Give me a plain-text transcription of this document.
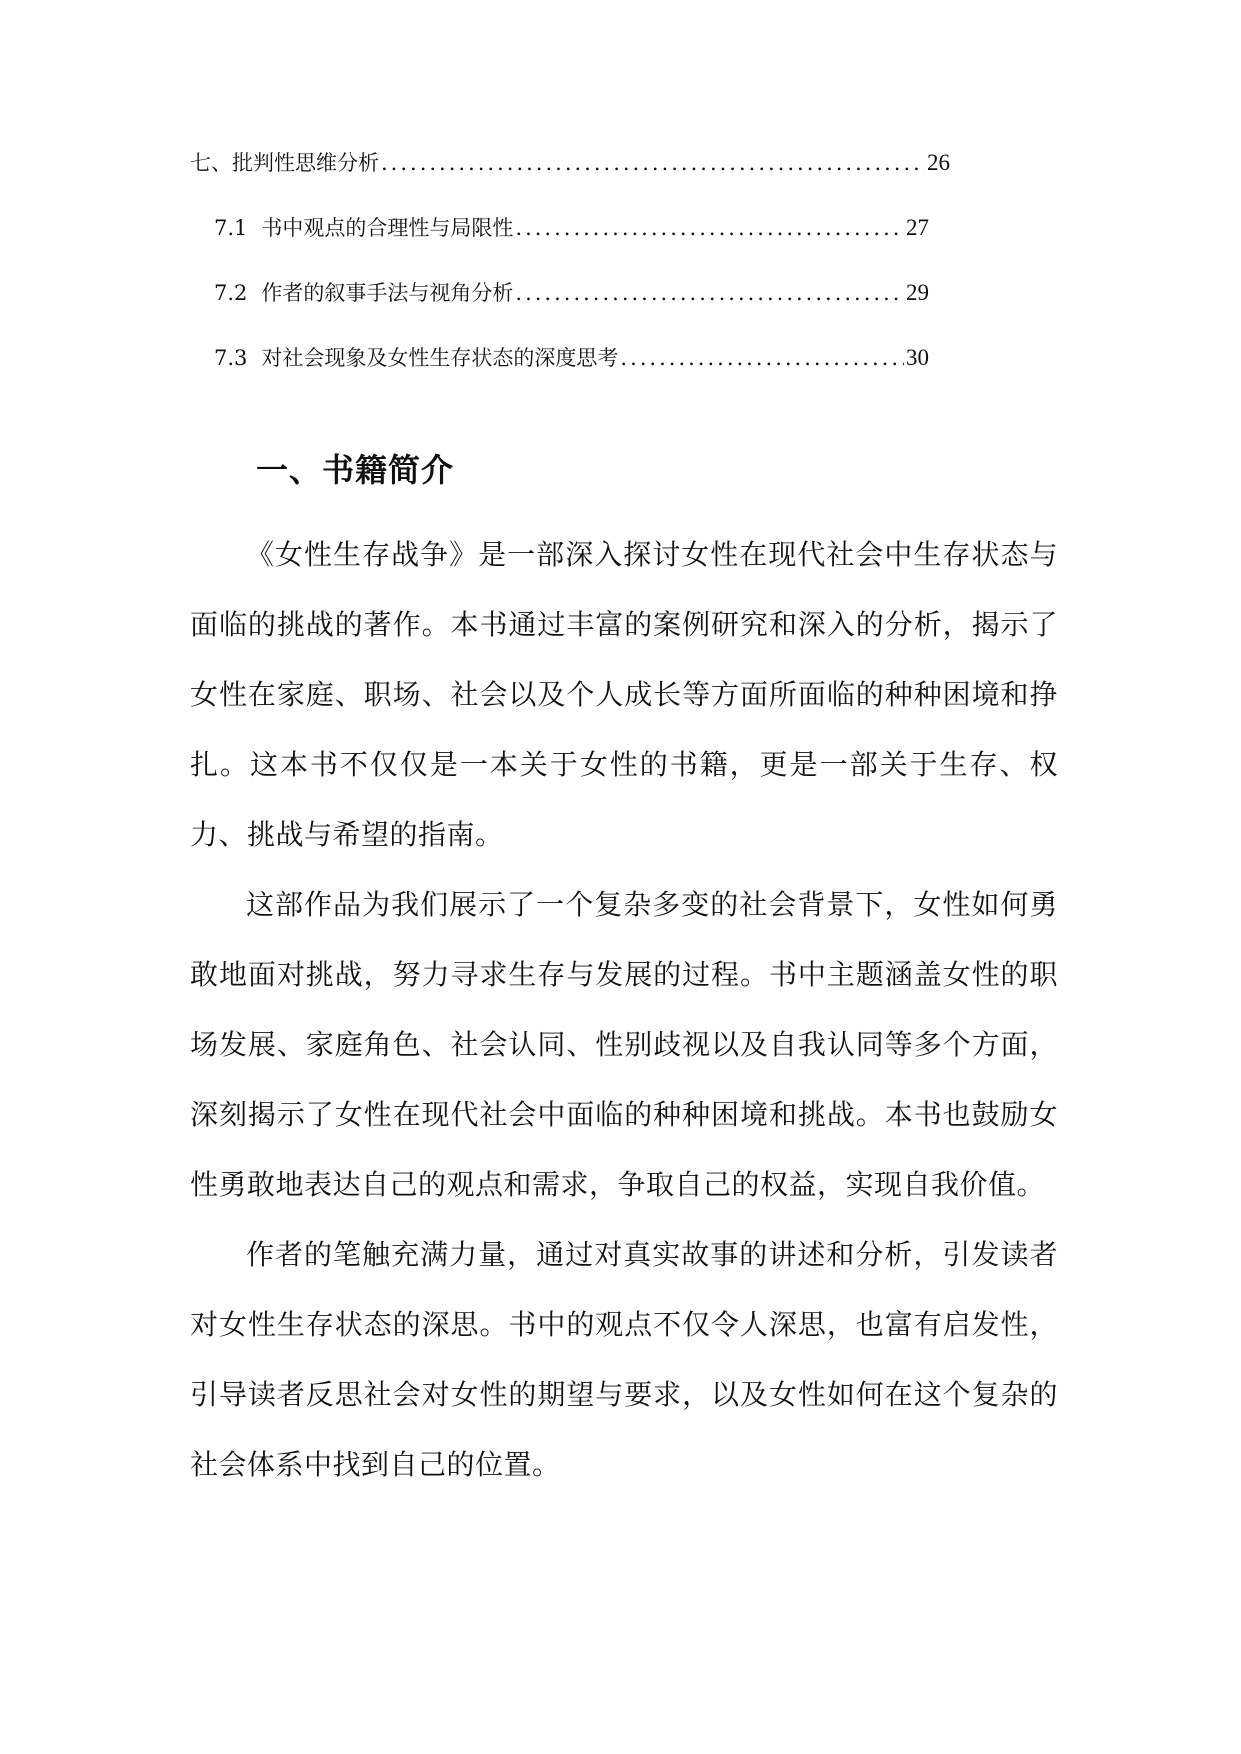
七、批判性思维分析 .....	26
7.1 书中观点的合理性与局限性 .....	27
7.2 作者的叙事手法与视角分析 .....	29
7.3 对社会现象及女性生存状态的深度思考 .....	30
一、书籍简介

《女性生存战争》是一部深入探讨女性在现代社会中生存状态与面临的挑战的著作。本书通过丰富的案例研究和深入的分析，揭示了女性在家庭、职场、社会以及个人成长等方面所面临的种种困境和挣扎。这本书不仅仅是一本关于女性的书籍，更是一部关于生存、权力、挑战与希望的指南。

这部作品为我们展示了一个复杂多变的社会背景下，女性如何勇敢地面对挑战，努力寻求生存与发展的过程。书中主题涵盖女性的职场发展、家庭角色、社会认同、性别歧视以及自我认同等多个方面，深刻揭示了女性在现代社会中面临的种种困境和挑战。本书也鼓励女性勇敢地表达自己的观点和需求，争取自己的权益，实现自我价值。

作者的笔触充满力量，通过对真实故事的讲述和分析，引发读者对女性生存状态的深思。书中的观点不仅令人深思，也富有启发性，引导读者反思社会对女性的期望与要求，以及女性如何在这个复杂的社会体系中找到自己的位置。
